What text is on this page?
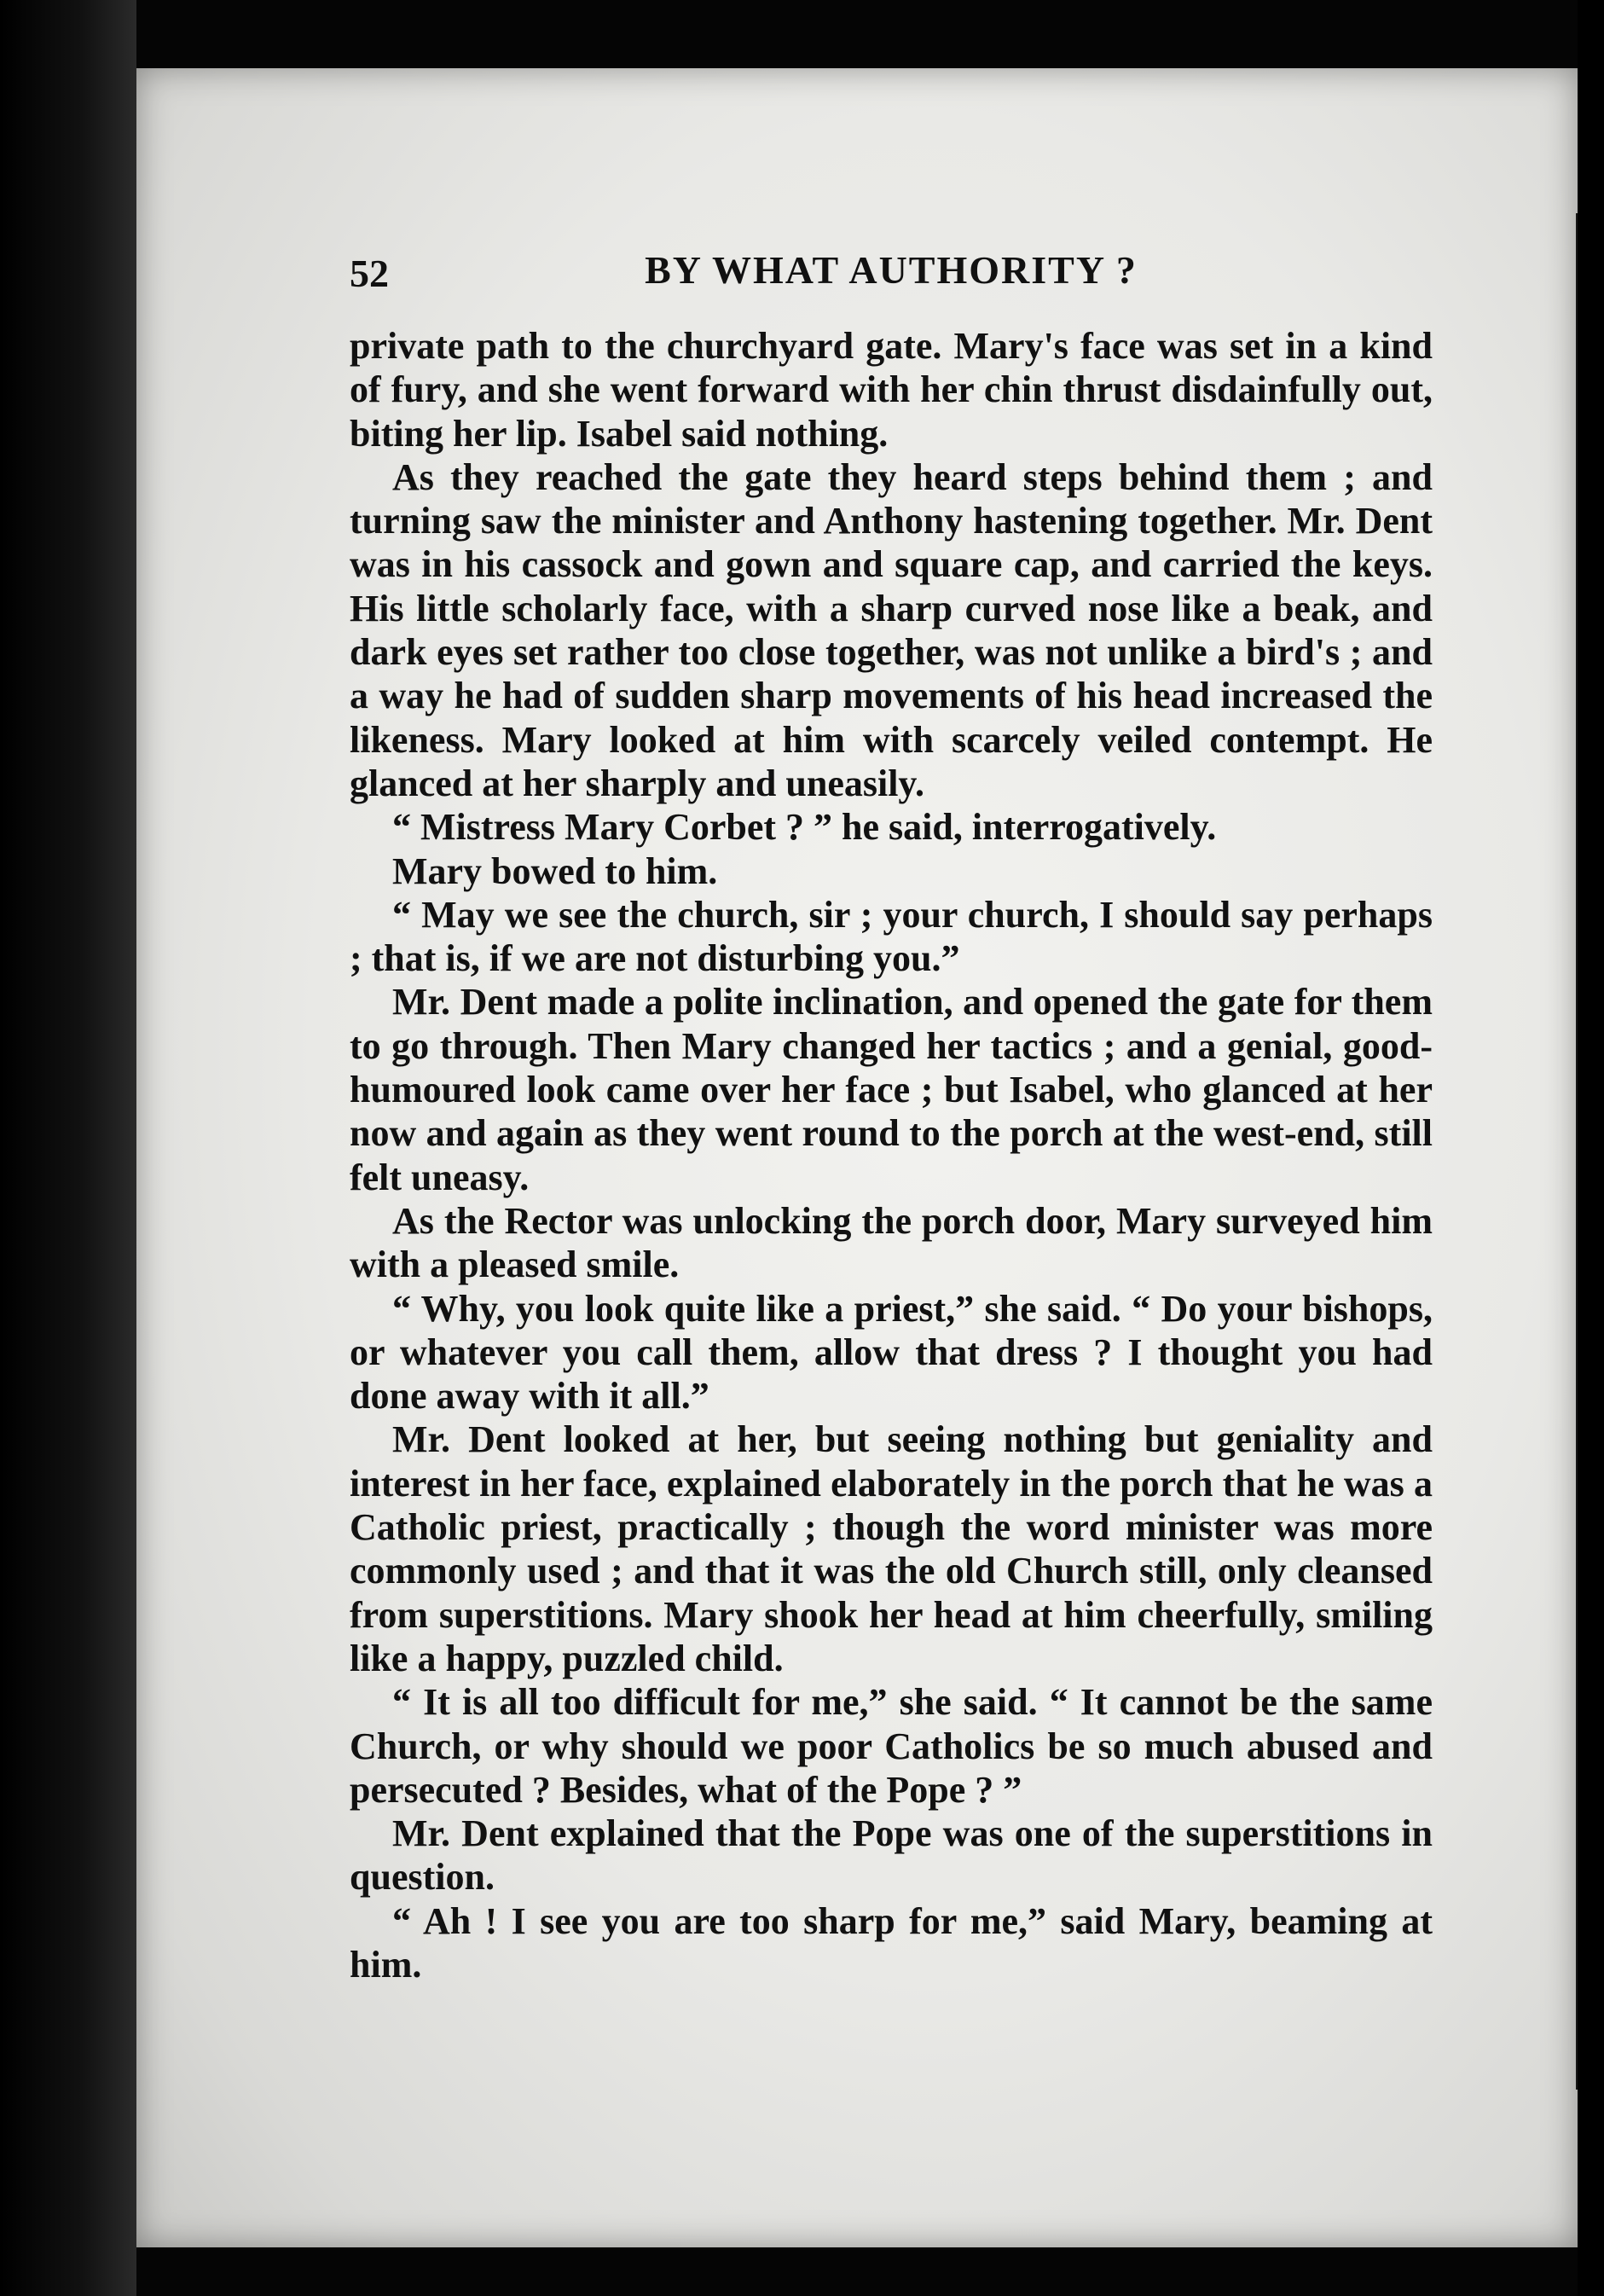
52	BY WHAT AUTHORITY ?

private path to the churchyard gate. Mary's face was set in a kind of fury, and she went forward with her chin thrust disdainfully out, biting her lip. Isabel said nothing.

As they reached the gate they heard steps behind them ; and turning saw the minister and Anthony hastening together. Mr. Dent was in his cassock and gown and square cap, and carried the keys. His little scholarly face, with a sharp curved nose like a beak, and dark eyes set rather too close together, was not unlike a bird's ; and a way he had of sudden sharp movements of his head increased the likeness. Mary looked at him with scarcely veiled contempt. He glanced at her sharply and uneasily.

“ Mistress Mary Corbet ? ” he said, interrogatively.

Mary bowed to him.

“ May we see the church, sir ; your church, I should say perhaps ; that is, if we are not disturbing you.”

Mr. Dent made a polite inclination, and opened the gate for them to go through. Then Mary changed her tactics ; and a genial, good-humoured look came over her face ; but Isabel, who glanced at her now and again as they went round to the porch at the west-end, still felt uneasy.

As the Rector was unlocking the porch door, Mary surveyed him with a pleased smile.

“ Why, you look quite like a priest,” she said. “ Do your bishops, or whatever you call them, allow that dress ? I thought you had done away with it all.”

Mr. Dent looked at her, but seeing nothing but geniality and interest in her face, explained elaborately in the porch that he was a Catholic priest, practically ; though the word minister was more commonly used ; and that it was the old Church still, only cleansed from superstitions. Mary shook her head at him cheerfully, smiling like a happy, puzzled child.

“ It is all too difficult for me,” she said. “ It cannot be the same Church, or why should we poor Catholics be so much abused and persecuted ? Besides, what of the Pope ? ”

Mr. Dent explained that the Pope was one of the superstitions in question.

“ Ah ! I see you are too sharp for me,” said Mary, beaming at him.
